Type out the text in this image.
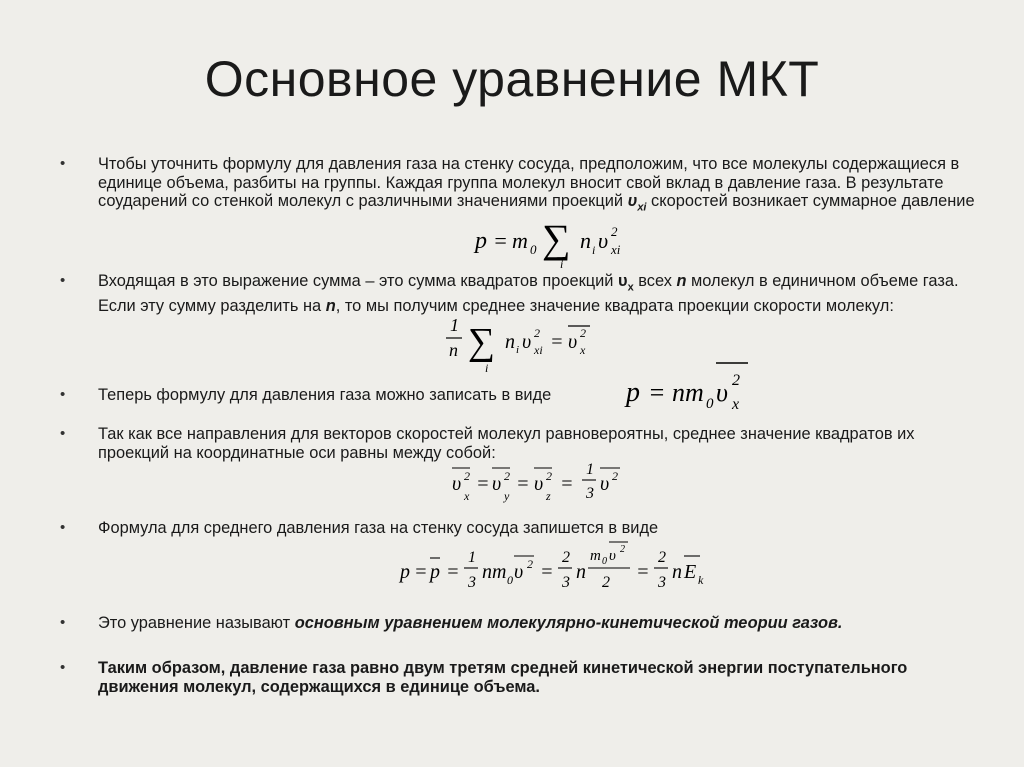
Основное уравнение МКТ
• Чтобы уточнить формулу для давления газа на стенку сосуда, предположим, что все молекулы содержащиеся в единице объема, разбиты на группы. Каждая группа молекул вносит свой вклад в давление газа. В результате соударений со стенкой молекул с различными значениями проекций $\upsilon_{xi}$ скоростей возникает суммарное давление
p = m 0 ∑
i
n i υ 2
xi
• Входящая в это выражение сумма – это сумма квадратов проекций $\upsilon_x$ всех n молекул в единичном объеме газа. Если эту сумму разделить на n, то мы получим среднее значение квадрата проекции скорости молекул:
1
n ∑
i
n i υ 2
xi = υ 2
x
• Теперь формулу для давления газа можно записать в виде	p = nm 0 υ 2
x
• Так как все направления для векторов скоростей молекул равновероятны, среднее значение квадратов их проекций на координатные оси равны между собой:
υ 2
x
= υ 2
y
= υ 2
z
=
1
3 υ 2
• Формула для среднего давления газа на стенку сосуда запишется в виде
p = p =
1
3 nm 0 υ 2 =
2
3 n
m 0 υ 2
2 =
2
3 n E k
• Это уравнение называют основным уравнением молекулярно-кинетической теории газов.
• Таким образом, давление газа равно двум третям средней кинетической энергии поступательного движения молекул, содержащихся в единице объема.
